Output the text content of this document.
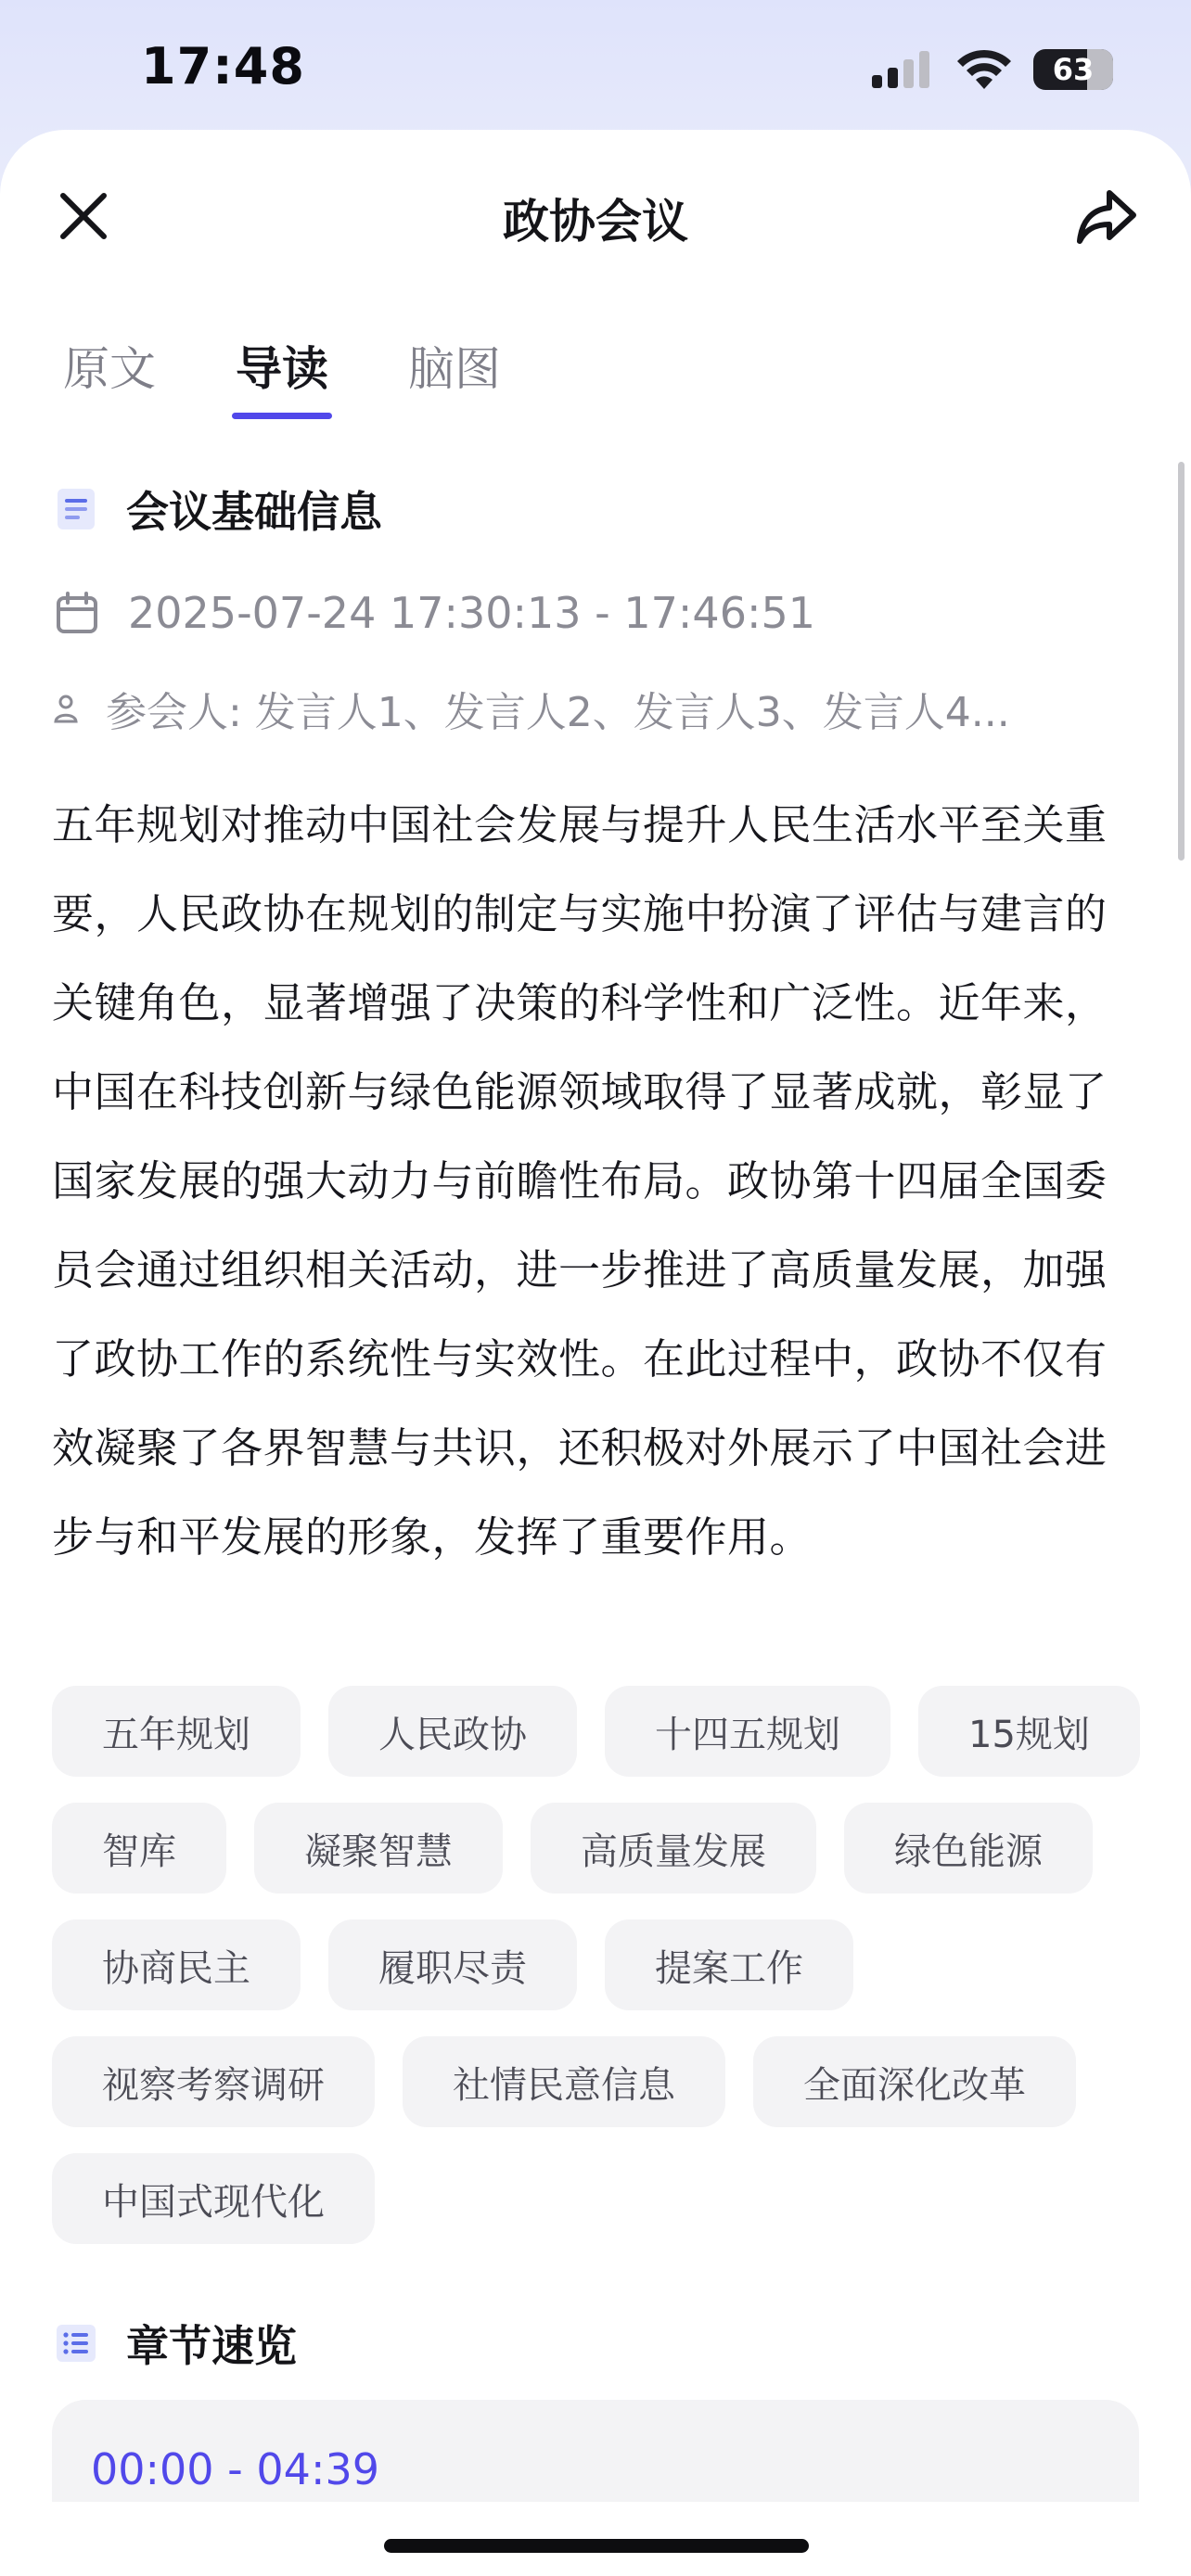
17:48	63
政协会议
原文 导读 脑图
会议基础信息
2025-07-24 17:30:13 - 17:46:51
参会人: 发言人1、发言人2、发言人3、发言人4...

五年规划对推动中国社会发展与提升人民生活水平至关重要，人民政协在规划的制定与实施中扮演了评估与建言的关键角色，显著增强了决策的科学性和广泛性。近年来，中国在科技创新与绿色能源领域取得了显著成就，彰显了国家发展的强大动力与前瞻性布局。政协第十四届全国委员会通过组织相关活动，进一步推进了高质量发展，加强了政协工作的系统性与实效性。在此过程中，政协不仅有效凝聚了各界智慧与共识，还积极对外展示了中国社会进步与和平发展的形象，发挥了重要作用。

五年规划	人民政协	十四五规划	15规划
智库	凝聚智慧	高质量发展	绿色能源
协商民主	履职尽责	提案工作
视察考察调研	社情民意信息	全面深化改革
中国式现代化
章节速览
00:00 - 04:39
